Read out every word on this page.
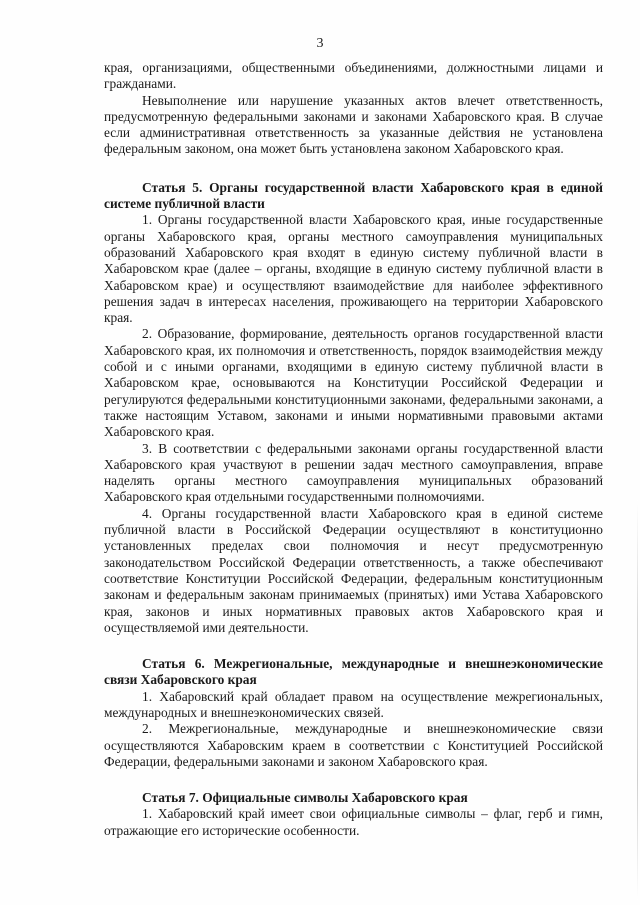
3

края, организациями, общественными объединениями, должностными лицами и гражданами.

Невыполнение или нарушение указанных актов влечет ответственность, предусмотренную федеральными законами и законами Хабаровского края. В случае если административная ответственность за указанные действия не установлена федеральным законом, она может быть установлена законом Хабаровского края.

Статья 5. Органы государственной власти Хабаровского края в единой системе публичной власти

1. Органы государственной власти Хабаровского края, иные государственные органы Хабаровского края, органы местного самоуправления муниципальных образований Хабаровского края входят в единую систему публичной власти в Хабаровском крае (далее – органы, входящие в единую систему публичной власти в Хабаровском крае) и осуществляют взаимодействие для наиболее эффективного решения задач в интересах населения, проживающего на территории Хабаровского края.

2. Образование, формирование, деятельность органов государственной власти Хабаровского края, их полномочия и ответственность, порядок взаимодействия между собой и с иными органами, входящими в единую систему публичной власти в Хабаровском крае, основываются на Конституции Российской Федерации и регулируются федеральными конституционными законами, федеральными законами, а также настоящим Уставом, законами и иными нормативными правовыми актами Хабаровского края.

3. В соответствии с федеральными законами органы государственной власти Хабаровского края участвуют в решении задач местного самоуправления, вправе наделять органы местного самоуправления муниципальных образований Хабаровского края отдельными государственными полномочиями.

4. Органы государственной власти Хабаровского края в единой системе публичной власти в Российской Федерации осуществляют в конституционно установленных пределах свои полномочия и несут предусмотренную законодательством Российской Федерации ответственность, а также обеспечивают соответствие Конституции Российской Федерации, федеральным конституционным законам и федеральным законам принимаемых (принятых) ими Устава Хабаровского края, законов и иных нормативных правовых актов Хабаровского края и осуществляемой ими деятельности.

Статья 6. Межрегиональные, международные и внешнеэкономические связи Хабаровского края

1. Хабаровский край обладает правом на осуществление межрегиональных, международных и внешнеэкономических связей.

2. Межрегиональные, международные и внешнеэкономические связи осуществляются Хабаровским краем в соответствии с Конституцией Российской Федерации, федеральными законами и законом Хабаровского края.

Статья 7. Официальные символы Хабаровского края

1. Хабаровский край имеет свои официальные символы – флаг, герб и гимн, отражающие его исторические особенности.
